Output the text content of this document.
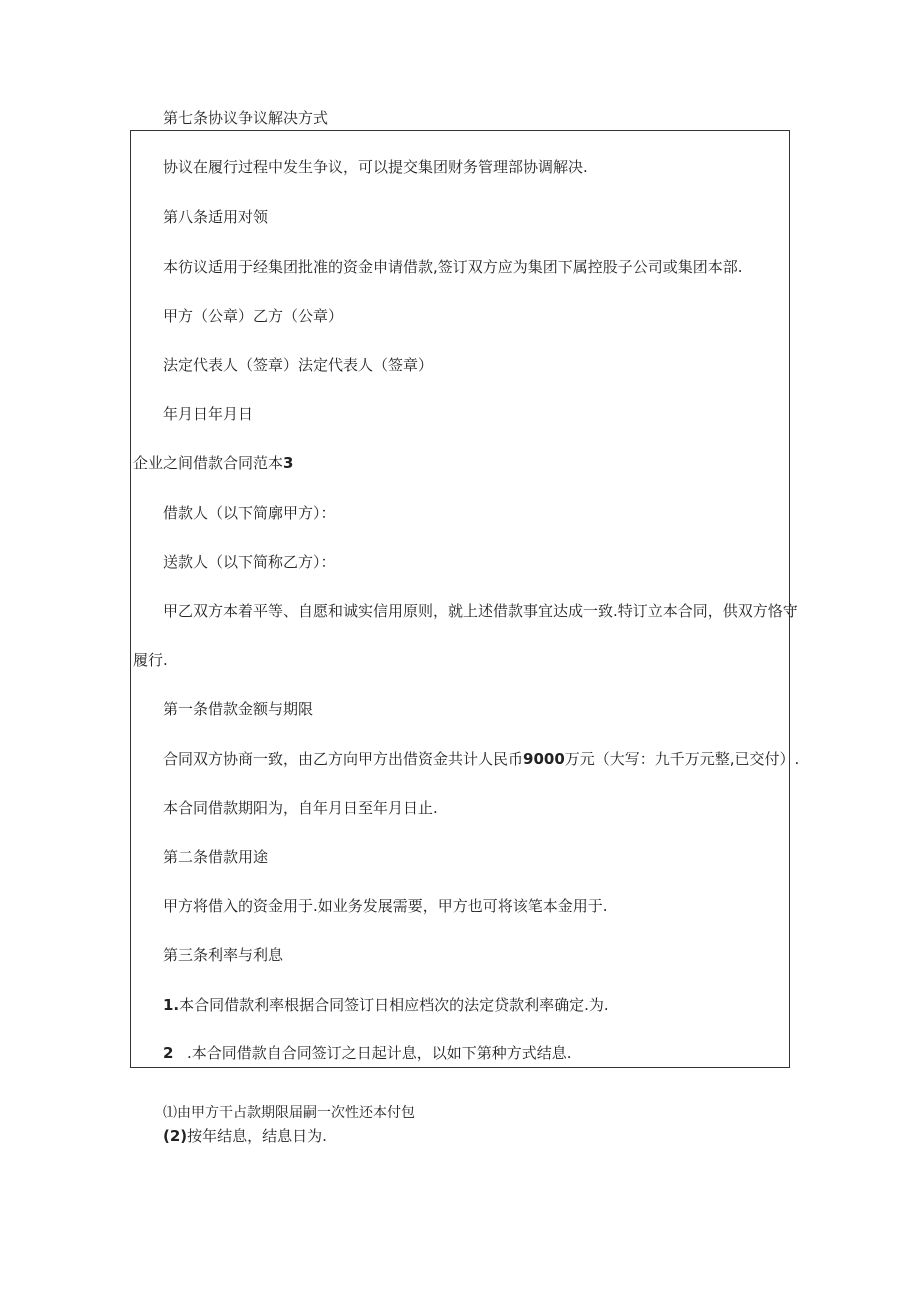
第七条协议争议解决方式

协议在履行过程中发生争议，可以提交集团财务管理部协调解决.

第八条适用对领

本彷议适用于经集团批准的资金申请借款,签订双方应为集团下属控股子公司或集团本部.

甲方（公章）乙方（公章）

法定代表人（签章）法定代表人（签章）

年月日年月日

企业之间借款合同范本3

借款人（以下简廓甲方）：

送款人（以下简称乙方）：

甲乙双方本着平等、自愿和诚实信用原则，就上述借款事宜达成一致.特订立本合同，供双方恪守

履行.

第一条借款金额与期限

合同双方协商一致，由乙方向甲方出借资金共计人民币9000万元（大写：九千万元整,已交付）.

本合同借款期阳为，自年月日至年月日止.

第二条借款用途

甲方将借入的资金用于.如业务发展需要，甲方也可将该笔本金用于.

第三条利率与利息

1.本合同借款利率根据合同签订日相应档次的法定贷款利率确定.为.

2 .本合同借款自合同签订之日起计息，以如下第种方式结息.

⑴由甲方干占款期限届嗣一次性还本付包

(2)按年结息，结息日为.
